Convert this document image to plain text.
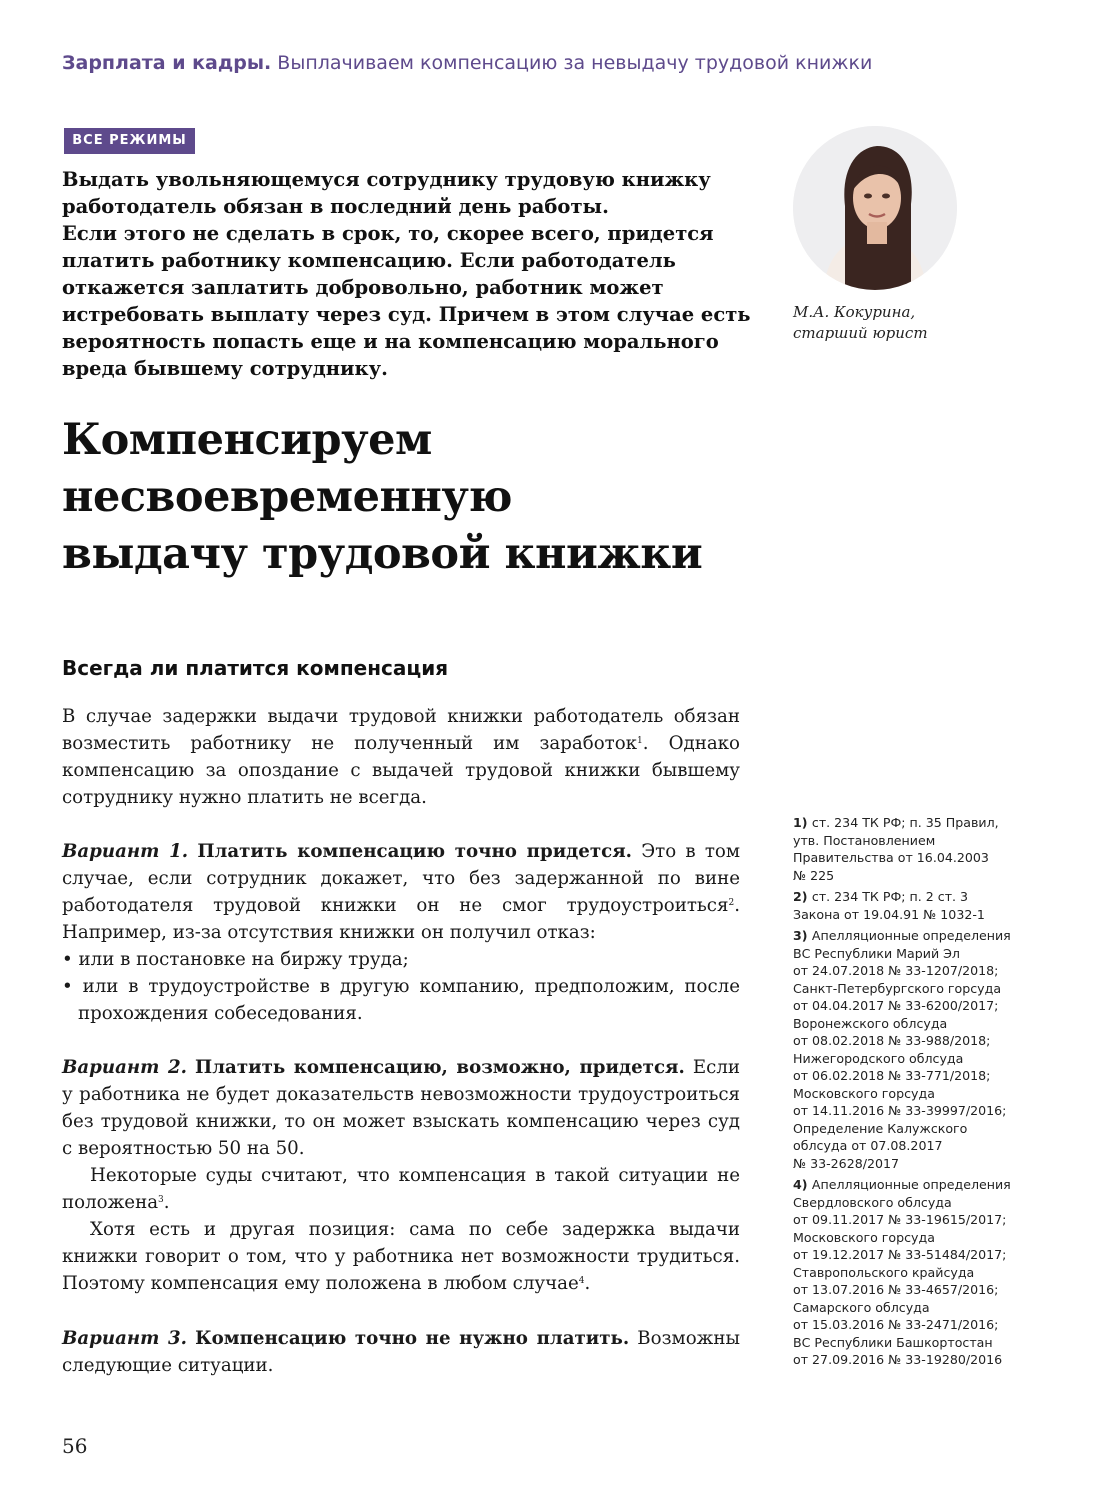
Зарплата и кадры. Выплачиваем компенсацию за невыдачу трудовой книжки
ВСЕ РЕЖИМЫ

Выдать увольняющемуся сотруднику трудовую книжку работодатель обязан в последний день работы.

Если этого не сделать в срок, то, скорее всего, придется платить работнику компенсацию. Если работодатель откажется заплатить добровольно, работник может истребовать выплату через суд. Причем в этом случае есть вероятность попасть еще и на компенсацию морального вреда бывшему сотруднику.

М.А. Кокурина,
старший юрист
Компенсируем
несвоевременную
выдачу трудовой книжки
Всегда ли платится компенсация

В случае задержки выдачи трудовой книжки работодатель обязан возместить работнику не полученный им заработок$^1$. Однако компенсацию за опоздание с выдачей трудовой книжки бывшему сотруднику нужно платить не всегда.

Вариант 1. Платить компенсацию точно придется. Это в том случае, если сотрудник докажет, что без задержанной по вине работодателя трудовой книжки он не смог трудоустроиться$^2$. Например, из-за отсутствия книжки он получил отказ:

• или в постановке на биржу труда;
• или в трудоустройстве в другую компанию, предположим, после прохождения собеседования.

Вариант 2. Платить компенсацию, возможно, придется. Если у работника не будет доказательств невозможности трудоустроиться без трудовой книжки, то он может взыскать компенсацию через суд с вероятностью 50 на 50.

Некоторые суды считают, что компенсация в такой ситуации не положена$^3$.

Хотя есть и другая позиция: сама по себе задержка выдачи книжки говорит о том, что у работника нет возможности трудиться. Поэтому компенсация ему положена в любом случае$^4$.

Вариант 3. Компенсацию точно не нужно платить. Возможны следующие ситуации.

1) ст. 234 ТК РФ; п. 35 Правил,
утв. Постановлением
Правительства от 16.04.2003
№ 225
2) ст. 234 ТК РФ; п. 2 ст. 3
Закона от 19.04.91 № 1032-1
3) Апелляционные определения
ВС Республики Марий Эл
от 24.07.2018 № 33-1207/2018;
Санкт-Петербургского горсуда
от 04.04.2017 № 33-6200/2017;
Воронежского облсуда
от 08.02.2018 № 33-988/2018;
Нижегородского облсуда
от 06.02.2018 № 33-771/2018;
Московского горсуда
от 14.11.2016 № 33-39997/2016;
Определение Калужского
облсуда от 07.08.2017
№ 33-2628/2017
4) Апелляционные определения
Свердловского облсуда
от 09.11.2017 № 33-19615/2017;
Московского горсуда
от 19.12.2017 № 33-51484/2017;
Ставропольского крайсуда
от 13.07.2016 № 33-4657/2016;
Самарского облсуда
от 15.03.2016 № 33-2471/2016;
ВС Республики Башкортостан
от 27.09.2016 № 33-19280/2016
56
